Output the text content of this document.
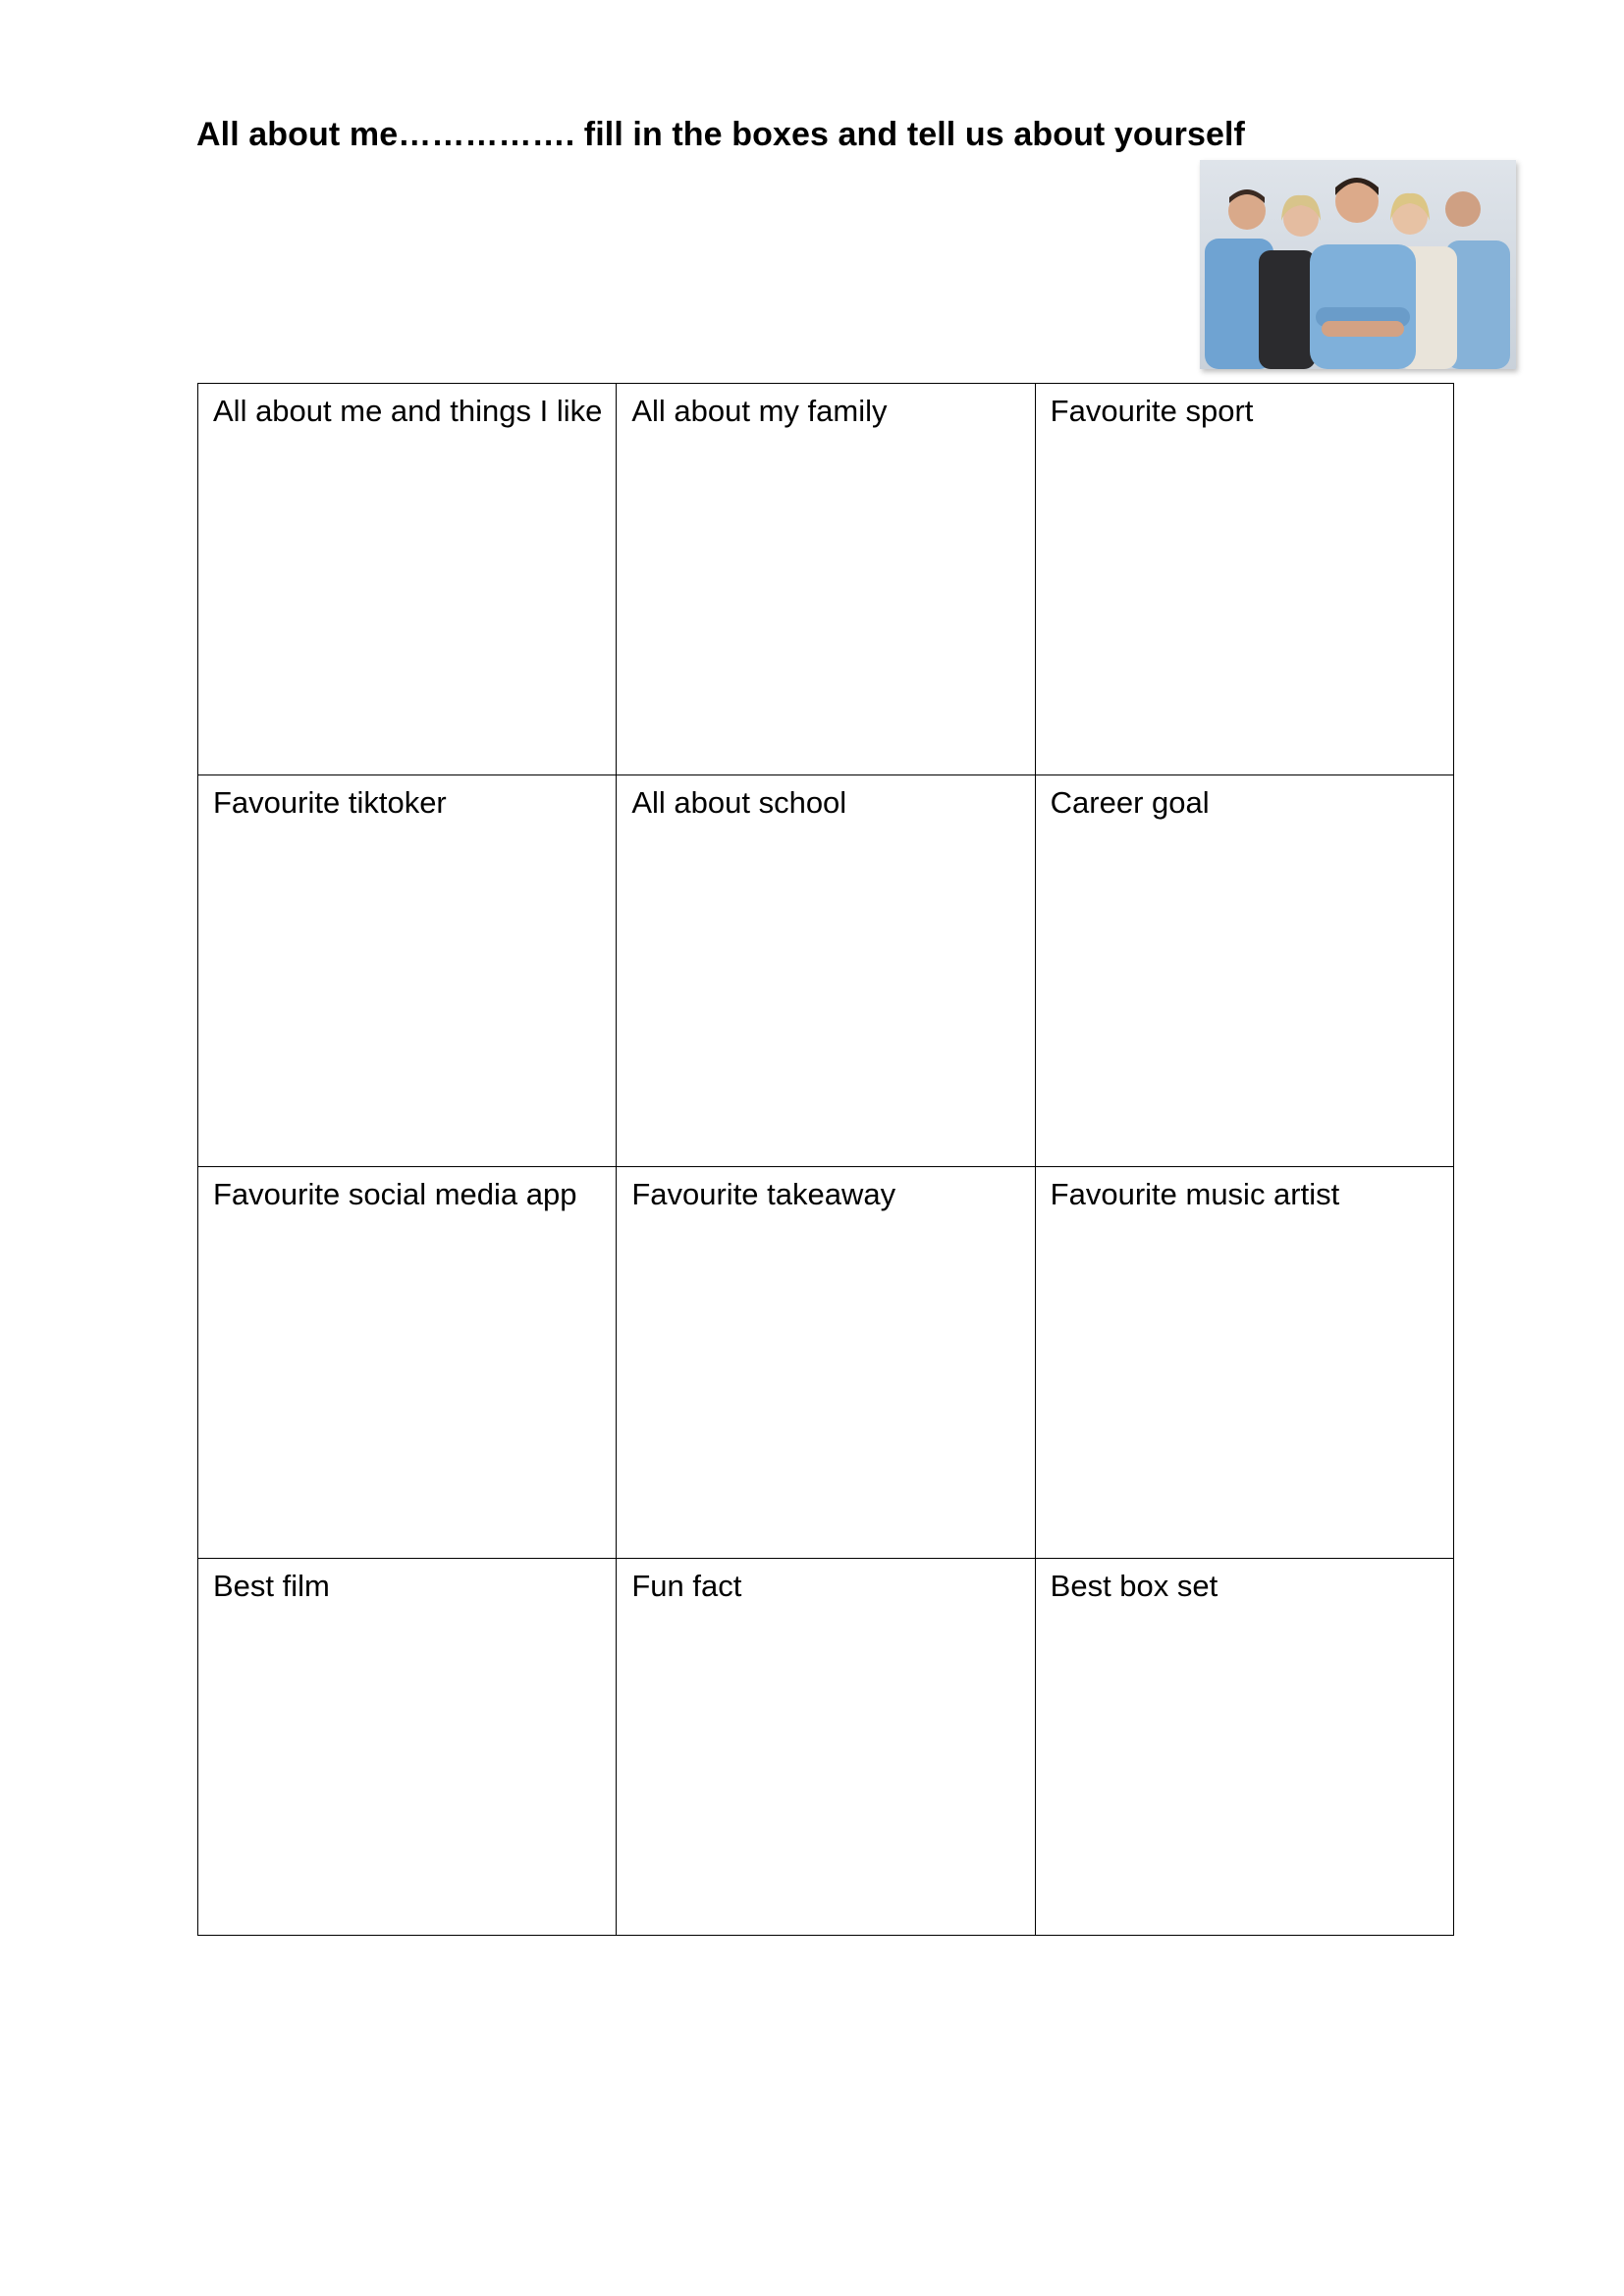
All about me……………. fill in the boxes and tell us about yourself
All about me and things I like	All about my family	Favourite sport

Favourite tiktoker	All about school	Career goal

Favourite social media app	Favourite takeaway	Favourite music artist

Best film	Fun fact	Best box set
